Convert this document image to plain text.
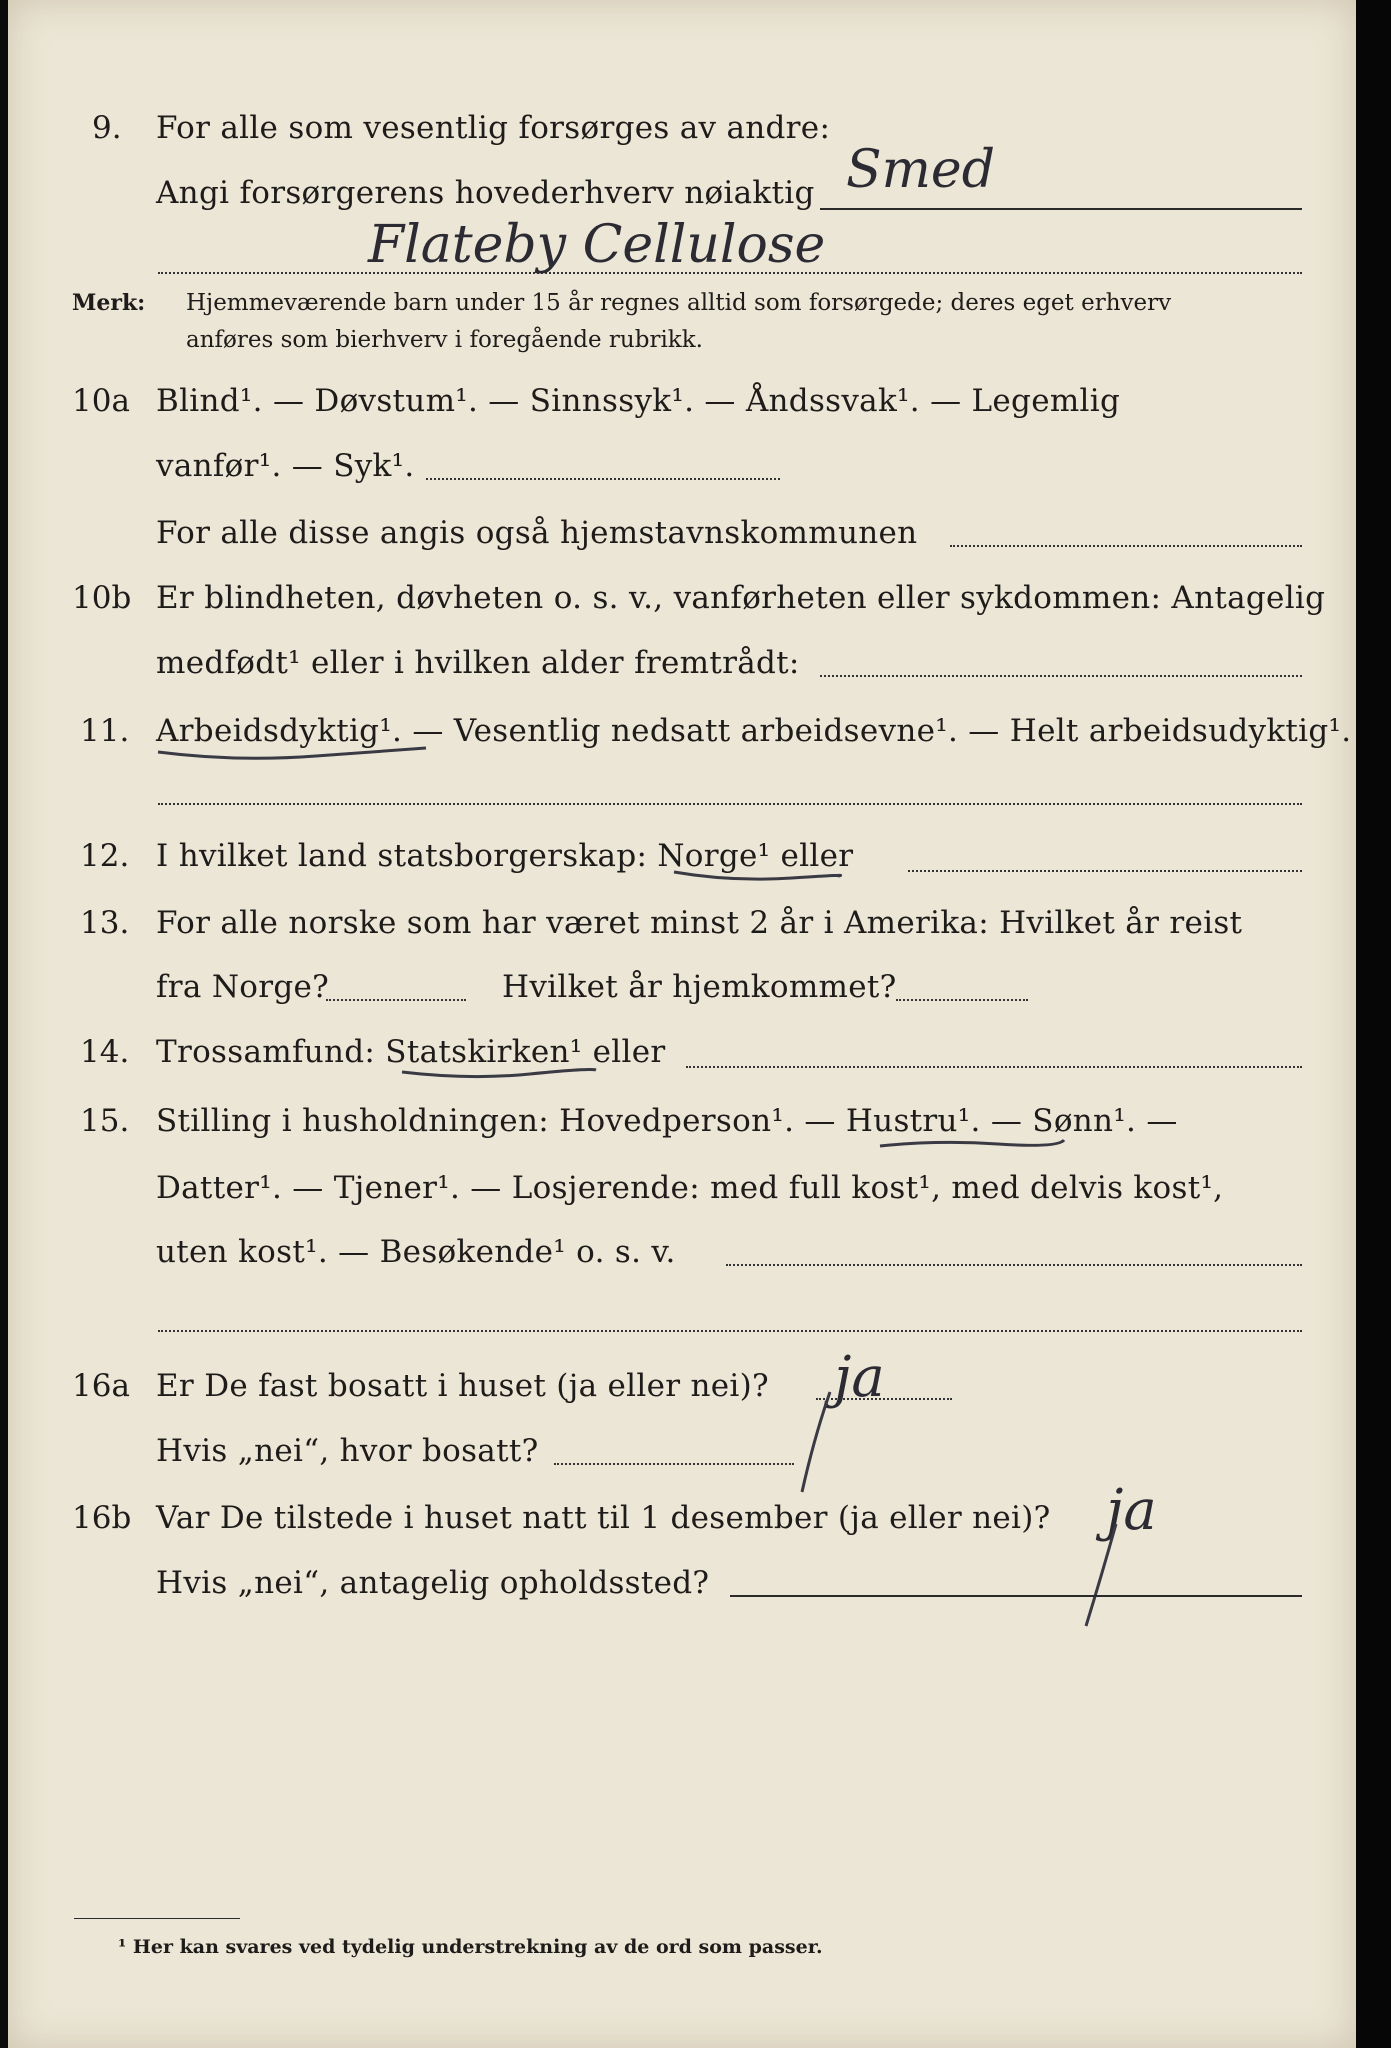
9. For alle som vesentlig forsørges av andre:
Angi forsørgerens hovederhverv nøiaktig Smed
Flateby Cellulose
Merk: Hjemmeværende barn under 15 år regnes alltid som forsørgede; deres eget erhverv
anføres som bierhverv i foregående rubrikk.
10a Blind¹. — Døvstum¹. — Sinnssyk¹. — Åndssvak¹. — Legemlig
vanfør¹. — Syk¹.
For alle disse angis også hjemstavnskommunen
10b Er blindheten, døvheten o. s. v., vanførheten eller sykdommen: Antagelig
medfødt¹ eller i hvilken alder fremtrådt:
11. Arbeidsdyktig¹. — Vesentlig nedsatt arbeidsevne¹. — Helt arbeidsudyktig¹.
12. I hvilket land statsborgerskap: Norge¹ eller
13. For alle norske som har været minst 2 år i Amerika: Hvilket år reist
fra Norge?	Hvilket år hjemkommet?
14. Trossamfund: Statskirken¹ eller
15. Stilling i husholdningen: Hovedperson¹. — Hustru¹. — Sønn¹. —
Datter¹. — Tjener¹. — Losjerende: med full kost¹, med delvis kost¹,
uten kost¹. — Besøkende¹ o. s. v.
16a Er De fast bosatt i huset (ja eller nei)? ja
Hvis „nei“, hvor bosatt?
16b Var De tilstede i huset natt til 1 desember (ja eller nei)? ja
Hvis „nei“, antagelig opholdssted?
¹ Her kan svares ved tydelig understrekning av de ord som passer.
